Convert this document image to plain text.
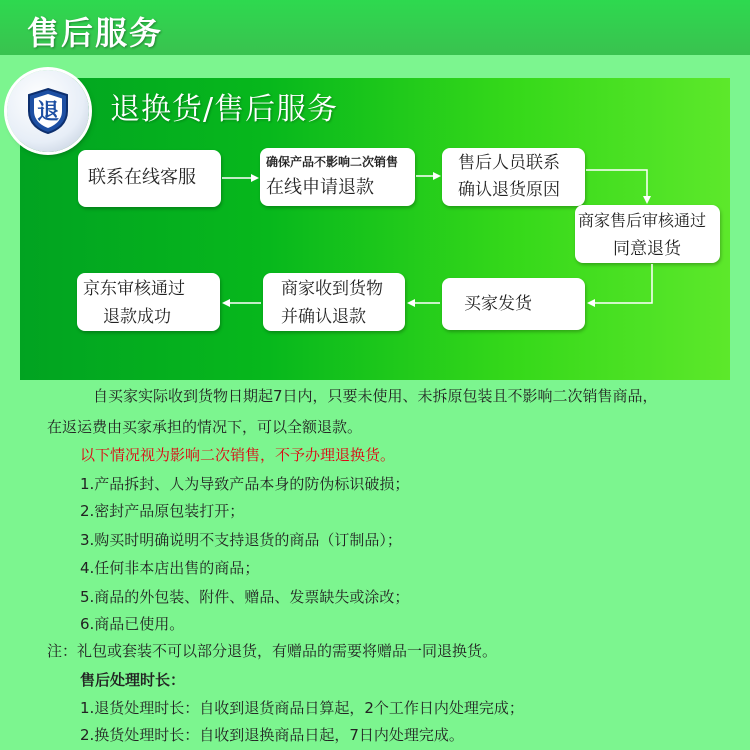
售后服务
退 退换货/售后服务
联系在线客服
确保产品不影响二次销售
在线申请退款
售后人员联系
确认退货原因
商家售后审核通过
同意退货
买家发货
商家收到货物
并确认退款
京东审核通过
退款成功
自买家实际收到货物日期起7日内，只要未使用、未拆原包装且不影响二次销售商品，
在返运费由买家承担的情况下，可以全额退款。
以下情况视为影响二次销售，不予办理退换货。
1.产品拆封、人为导致产品本身的防伪标识破损；
2.密封产品原包装打开；
3.购买时明确说明不支持退货的商品（订制品）；
4.任何非本店出售的商品；
5.商品的外包装、附件、赠品、发票缺失或涂改；
6.商品已使用。
注：礼包或套装不可以部分退货，有赠品的需要将赠品一同退换货。
售后处理时长：
1.退货处理时长：自收到退货商品日算起，2个工作日内处理完成；
2.换货处理时长：自收到退换商品日起，7日内处理完成。
